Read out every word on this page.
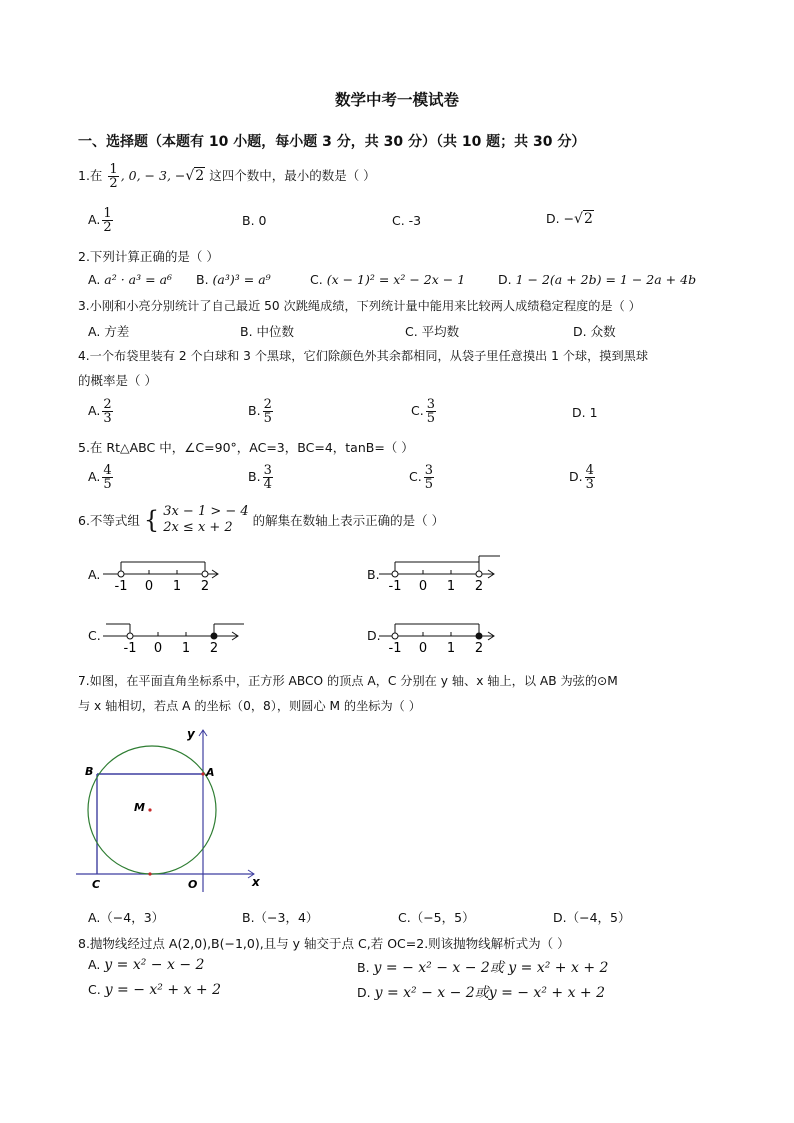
数学中考一模试卷
一、选择题（本题有 10 小题，每小题 3 分，共 30 分）（共 10 题；共 30 分）
1.在 $\frac{1}{2}$ , 0, − 3, −√2 这四个数中，最小的数是（ ）
A. $\frac{1}{2}$	B. 0	C. -3	D. −√2
2.下列计算正确的是（ ）
A. a² · a³ = a⁶ B. (a³)³ = a⁹	C. (x − 1)² = x² − 2x − 1	D. 1 − 2(a + 2b) = 1 − 2a + 4b
3.小刚和小亮分别统计了自己最近 50 次跳绳成绩，下列统计量中能用来比较两人成绩稳定程度的是（ ）
A. 方差	B. 中位数	C. 平均数	D. 众数
4.一个布袋里装有 2 个白球和 3 个黑球，它们除颜色外其余都相同，从袋子里任意摸出 1 个球，摸到黑球
的概率是（ ）
A. $\frac{2}{3}$	B. $\frac{2}{5}$	C. $\frac{3}{5}$	D. 1
5.在 Rt△ABC 中，∠C=90°，AC=3，BC=4，tanB=（ ）
A. $\frac{4}{5}$	B. $\frac{3}{4}$	C. $\frac{3}{5}$	D. $\frac{4}{3}$
6.不等式组 { 3x − 1 > − 4
2x ≤ x + 2	的解集在数轴上表示正确的是（ ）
A.	B.
C.	D.
-1 0 1 2	-1 0 1 2
-1 0 1 2	-1 0 1 2
7.如图，在平面直角坐标系中，正方形 ABCO 的顶点 A，C 分别在 y 轴、x 轴上，以 AB 为弦的⊙M
与 x 轴相切，若点 A 的坐标（0，8），则圆心 M 的坐标为（ ）
y
x
A
B
C	O
M
A.（−4，3）	B.（−3，4）	C.（−5，5）	D.（−4，5）
8.抛物线经过点 A(2,0),B(−1,0),且与 y 轴交于点 C,若 OC=2.则该抛物线解析式为（ ）
A. y = x² − x − 2	B. y = − x² − x − 2或 y = x² + x + 2
C. y = − x² + x + 2	D. y = x² − x − 2或y = − x² + x + 2
